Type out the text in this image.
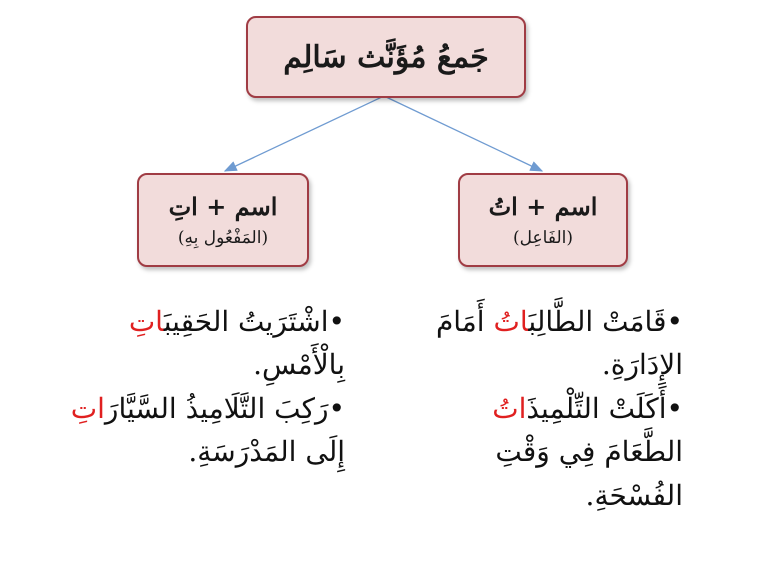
جَمعُ مُؤَنَّث سَالِم
اسم + اتُ
(الفَاعِل)
اسم + اتِ
(المَفْعُول بِهِ)
•قَامَتْ الطَّالِبَاتُ أَمَامَ الإِدَارَةِ.
•أَكَلَتْ التِّلْمِيذَاتُ الطَّعَامَ فِي وَقْتِ الفُسْحَةِ.
•اشْتَرَيتُ الحَقِيبَاتِ بِالْأَمْسِ.
•رَكِبَ التَّلَامِيذُ السَّيَّارَاتِ إِلَى المَدْرَسَةِ.
